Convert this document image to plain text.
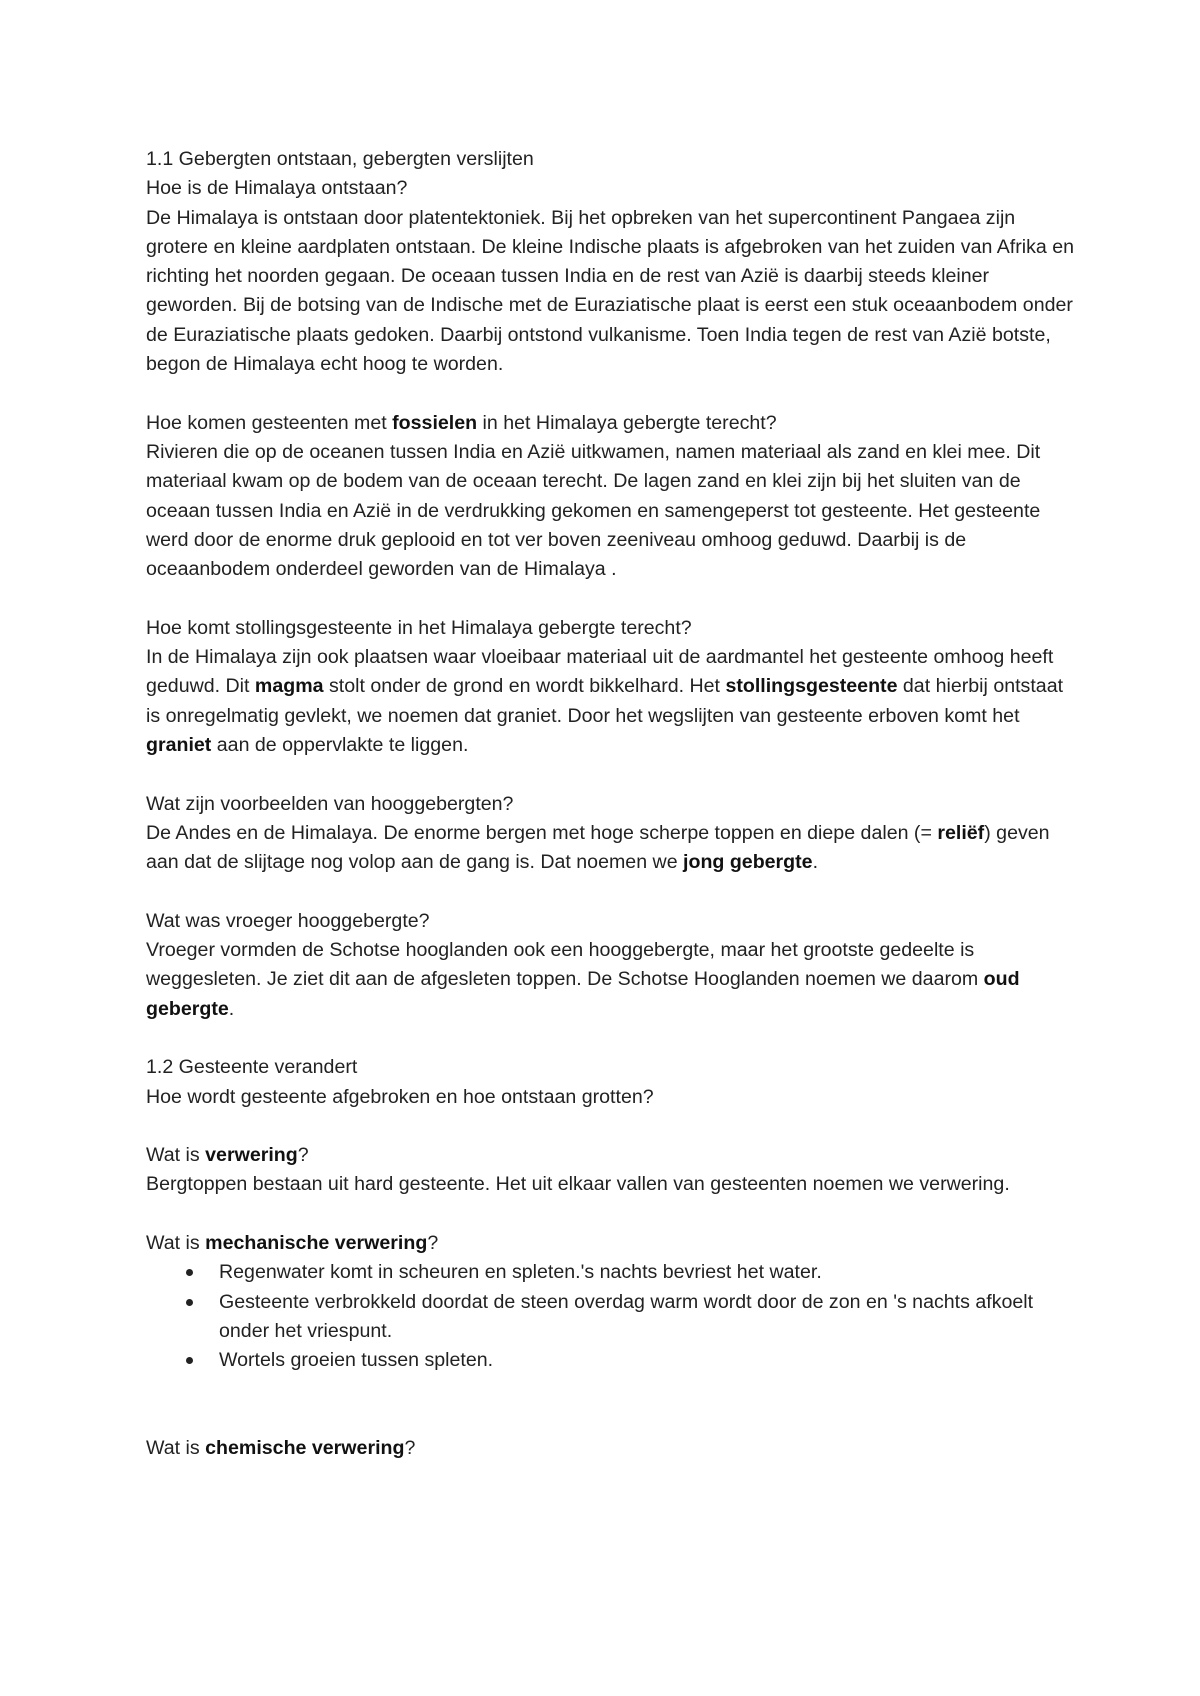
1.1 Gebergten ontstaan, gebergten verslijten

Hoe is de Himalaya ontstaan?

De Himalaya is ontstaan door platentektoniek. Bij het opbreken van het supercontinent Pangaea zijn grotere en kleine aardplaten ontstaan. De kleine Indische plaats is afgebroken van het zuiden van Afrika en richting het noorden gegaan. De oceaan tussen India en de rest van Azië is daarbij steeds kleiner geworden. Bij de botsing van de Indische met de Euraziatische plaat is eerst een stuk oceaanbodem onder de Euraziatische plaats gedoken. Daarbij ontstond vulkanisme. Toen India tegen de rest van Azië botste, begon de Himalaya echt hoog te worden.

Hoe komen gesteenten met fossielen in het Himalaya gebergte terecht?

Rivieren die op de oceanen tussen India en Azië uitkwamen, namen materiaal als zand en klei mee. Dit materiaal kwam op de bodem van de oceaan terecht. De lagen zand en klei zijn bij het sluiten van de oceaan tussen India en Azië in de verdrukking gekomen en samengeperst tot gesteente. Het gesteente werd door de enorme druk geplooid en tot ver boven zeeniveau omhoog geduwd. Daarbij is de oceaanbodem onderdeel geworden van de Himalaya .

Hoe komt stollingsgesteente in het Himalaya gebergte terecht?

In de Himalaya zijn ook plaatsen waar vloeibaar materiaal uit de aardmantel het gesteente omhoog heeft geduwd. Dit magma stolt onder de grond en wordt bikkelhard. Het stollingsgesteente dat hierbij ontstaat is onregelmatig gevlekt, we noemen dat graniet. Door het wegslijten van gesteente erboven komt het graniet aan de oppervlakte te liggen.

Wat zijn voorbeelden van hooggebergten?

De Andes en de Himalaya. De enorme bergen met hoge scherpe toppen en diepe dalen (= reliëf) geven aan dat de slijtage nog volop aan de gang is. Dat noemen we jong gebergte.

Wat was vroeger hooggebergte?

Vroeger vormden de Schotse hooglanden ook een hooggebergte, maar het grootste gedeelte is weggesleten. Je ziet dit aan de afgesleten toppen. De Schotse Hooglanden noemen we daarom oud gebergte.

1.2 Gesteente verandert

Hoe wordt gesteente afgebroken en hoe ontstaan grotten?

Wat is verwering?

Bergtoppen bestaan uit hard gesteente. Het uit elkaar vallen van gesteenten noemen we verwering.

Wat is mechanische verwering?

Regenwater komt in scheuren en spleten.'s nachts bevriest het water.
Gesteente verbrokkeld doordat de steen overdag warm wordt door de zon en 's nachts afkoelt onder het vriespunt.
Wortels groeien tussen spleten.

Wat is chemische verwering?
